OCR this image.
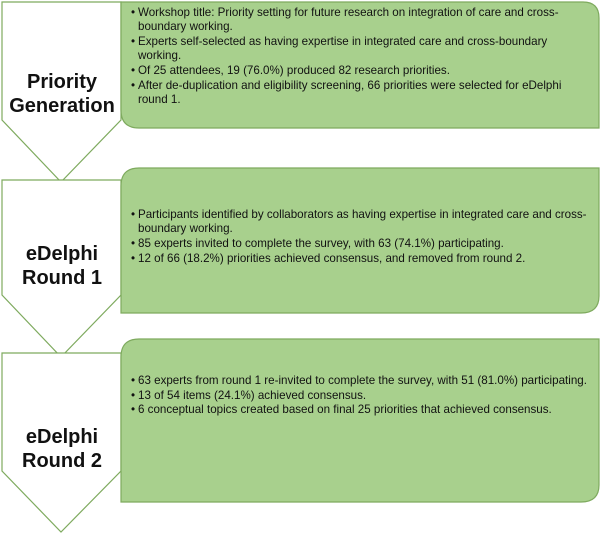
Priority
Generation
• Workshop title: Priority setting for future research on integration of care and cross-boundary working.
• Experts self-selected as having expertise in integrated care and cross-boundary working.
• Of 25 attendees, 19 (76.0%) produced 82 research priorities.
• After de-duplication and eligibility screening, 66 priorities were selected for eDelphi round 1.
eDelphi
Round 1
• Participants identified by collaborators as having expertise in integrated care and cross-boundary working.
• 85 experts invited to complete the survey, with 63 (74.1%) participating.
• 12 of 66 (18.2%) priorities achieved consensus, and removed from round 2.
eDelphi
Round 2
• 63 experts from round 1 re-invited to complete the survey, with 51 (81.0%) participating.
• 13 of 54 items (24.1%) achieved consensus.
• 6 conceptual topics created based on final 25 priorities that achieved consensus.
